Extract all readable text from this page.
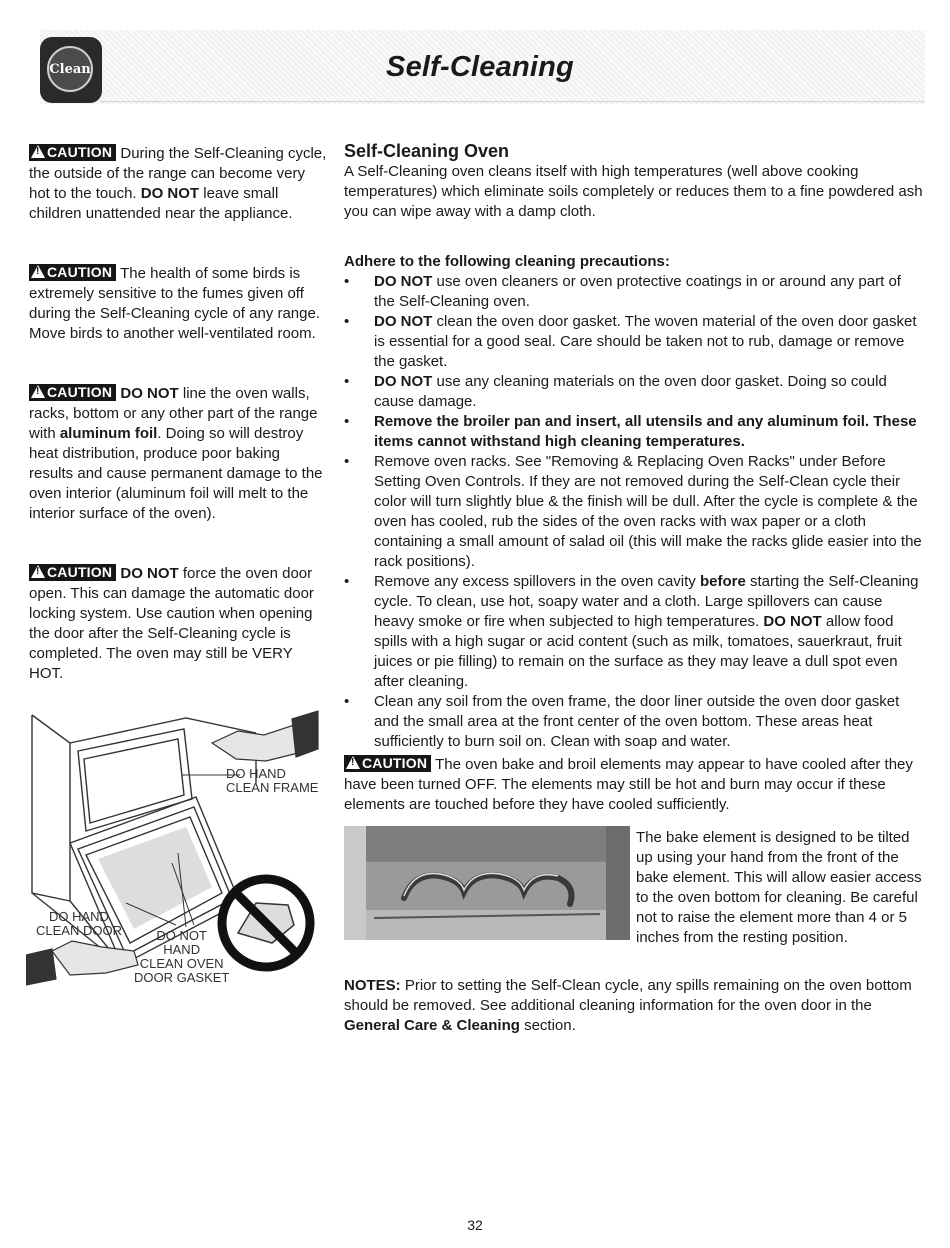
Clean	Self-Cleaning
!CAUTION During the Self-Cleaning cycle, the outside of the range can become very hot to the touch. DO NOT leave small children unattended near the appliance.
!CAUTION The health of some birds is extremely sensitive to the fumes given off during the Self-Cleaning cycle of any range. Move birds to another well-ventilated room.
!CAUTION DO NOT line the oven walls, racks, bottom or any other part of the range with aluminum foil. Doing so will destroy heat distribution, produce poor baking results and cause permanent damage to the oven interior (aluminum foil will melt to the interior surface of the oven).
!CAUTION DO NOT force the oven door open. This can damage the automatic door locking system. Use caution when opening the door after the Self-Cleaning cycle is completed. The oven may still be VERY HOT.
DO HAND
CLEAN FRAME
DO HAND
CLEAN DOOR	DO NOT
HAND
CLEAN OVEN
DOOR GASKET
Self-Cleaning Oven
A Self-Cleaning oven cleans itself with high temperatures (well above cooking temperatures) which eliminate soils completely or reduces them to a fine powdered ash you can wipe away with a damp cloth.
Adhere to the following cleaning precautions:
• DO NOT use oven cleaners or oven protective coatings in or around any part of the Self-Cleaning oven.
• DO NOT clean the oven door gasket. The woven material of the oven door gasket is essential for a good seal. Care should be taken not to rub, damage or remove the gasket.
• DO NOT use any cleaning materials on the oven door gasket. Doing so could cause damage.
• Remove the broiler pan and insert, all utensils and any aluminum foil. These items cannot withstand high cleaning temperatures.
• Remove oven racks. See "Removing & Replacing Oven Racks" under Before Setting Oven Controls. If they are not removed during the Self-Clean cycle their color will turn slightly blue & the finish will be dull. After the cycle is complete & the oven has cooled, rub the sides of the oven racks with wax paper or a cloth containing a small amount of salad oil (this will make the racks glide easier into the rack positions).
• Remove any excess spillovers in the oven cavity before starting the Self-Cleaning cycle. To clean, use hot, soapy water and a cloth. Large spillovers can cause heavy smoke or fire when subjected to high temperatures. DO NOT allow food spills with a high sugar or acid content (such as milk, tomatoes, sauerkraut, fruit juices or pie filling) to remain on the surface as they may leave a dull spot even after cleaning.
• Clean any soil from the oven frame, the door liner outside the oven door gasket and the small area at the front center of the oven bottom. These areas heat sufficiently to burn soil on. Clean with soap and water.
!CAUTION The oven bake and broil elements may appear to have cooled after they have been turned OFF. The elements may still be hot and burn may occur if these elements are touched before they have cooled sufficiently.
The bake element is designed to be tilted up using your hand from the front of the bake element. This will allow easier access to the oven bottom for cleaning. Be careful not to raise the element more than 4 or 5 inches from the resting position.
NOTES: Prior to setting the Self-Clean cycle, any spills remaining on the oven bottom should be removed. See additional cleaning information for the oven door in the General Care & Cleaning section.
32
